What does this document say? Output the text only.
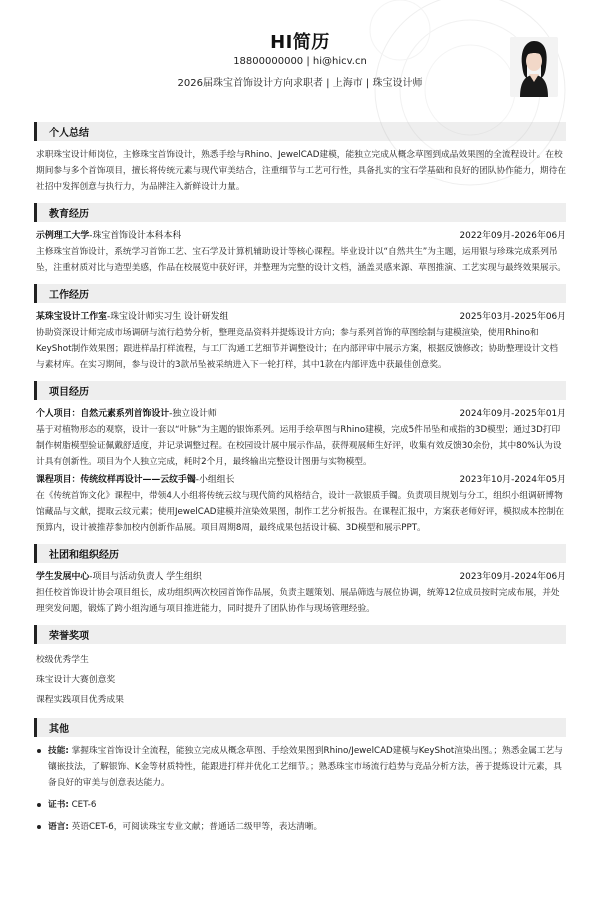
HI简历
18800000000 | hi@hicv.cn
2026届珠宝首饰设计方向求职者 | 上海市 | 珠宝设计师
个人总结

求职珠宝设计师岗位，主修珠宝首饰设计，熟悉手绘与Rhino、JewelCAD建模，能独立完成从概念草图到成品效果图的全流程设计。在校期间参与多个首饰项目，擅长将传统元素与现代审美结合，注重细节与工艺可行性，具备扎实的宝石学基础和良好的团队协作能力，期待在社招中发挥创意与执行力，为品牌注入新鲜设计力量。

教育经历
示例理工大学 -珠宝首饰设计本科本科	2022年09月-2026年06月

主修珠宝首饰设计，系统学习首饰工艺、宝石学及计算机辅助设计等核心课程。毕业设计以“自然共生”为主题，运用银与珍珠完成系列吊坠，注重材质对比与造型美感，作品在校展览中获好评，并整理为完整的设计文档，涵盖灵感来源、草图推演、工艺实现与最终效果展示。

工作经历
某珠宝设计工作室 -珠宝设计师实习生 设计研发组	2025年03月-2025年06月

协助资深设计师完成市场调研与流行趋势分析，整理竞品资料并提炼设计方向；参与系列首饰的草图绘制与建模渲染，使用Rhino和KeyShot制作效果图；跟进样品打样流程，与工厂沟通工艺细节并调整设计；在内部评审中展示方案，根据反馈修改；协助整理设计文档与素材库。在实习期间，参与设计的3款吊坠被采纳进入下一轮打样，其中1款在内部评选中获最佳创意奖。

项目经历
个人项目：自然元素系列首饰设计 -独立设计师	2024年09月-2025年01月

基于对植物形态的观察，设计一套以“叶脉”为主题的银饰系列。运用手绘草图与Rhino建模，完成5件吊坠和戒指的3D模型；通过3D打印制作树脂模型验证佩戴舒适度，并记录调整过程。在校园设计展中展示作品，获得观展师生好评，收集有效反馈30余份，其中80%认为设计具有创新性。项目为个人独立完成，耗时2个月，最终输出完整设计图册与实物模型。

课程项目：传统纹样再设计——云纹手镯 -小组组长	2023年10月-2024年05月

在《传统首饰文化》课程中，带领4人小组将传统云纹与现代简约风格结合，设计一款银质手镯。负责项目规划与分工，组织小组调研博物馆藏品与文献，提取云纹元素；使用JewelCAD建模并渲染效果图，制作工艺分析报告。在课程汇报中，方案获老师好评，模拟成本控制在预算内，设计被推荐参加校内创新作品展。项目周期8周，最终成果包括设计稿、3D模型和展示PPT。

社团和组织经历
学生发展中心 -项目与活动负责人 学生组织	2023年09月-2024年06月

担任校首饰设计协会项目组长，成功组织两次校园首饰作品展，负责主题策划、展品筛选与展位协调，统筹12位成员按时完成布展，并处理突发问题，锻炼了跨小组沟通与项目推进能力，同时提升了团队协作与现场管理经验。

荣誉奖项
校级优秀学生
珠宝设计大赛创意奖
课程实践项目优秀成果
其他
技能: 掌握珠宝首饰设计全流程，能独立完成从概念草图、手绘效果图到Rhino/JewelCAD建模与KeyShot渲染出图。；熟悉金属工艺与镶嵌技法，了解银饰、K金等材质特性，能跟进打样并优化工艺细节。；熟悉珠宝市场流行趋势与竞品分析方法，善于提炼设计元素，具备良好的审美与创意表达能力。
证书: CET-6
语言: 英语CET-6，可阅读珠宝专业文献；普通话二级甲等，表达清晰。
